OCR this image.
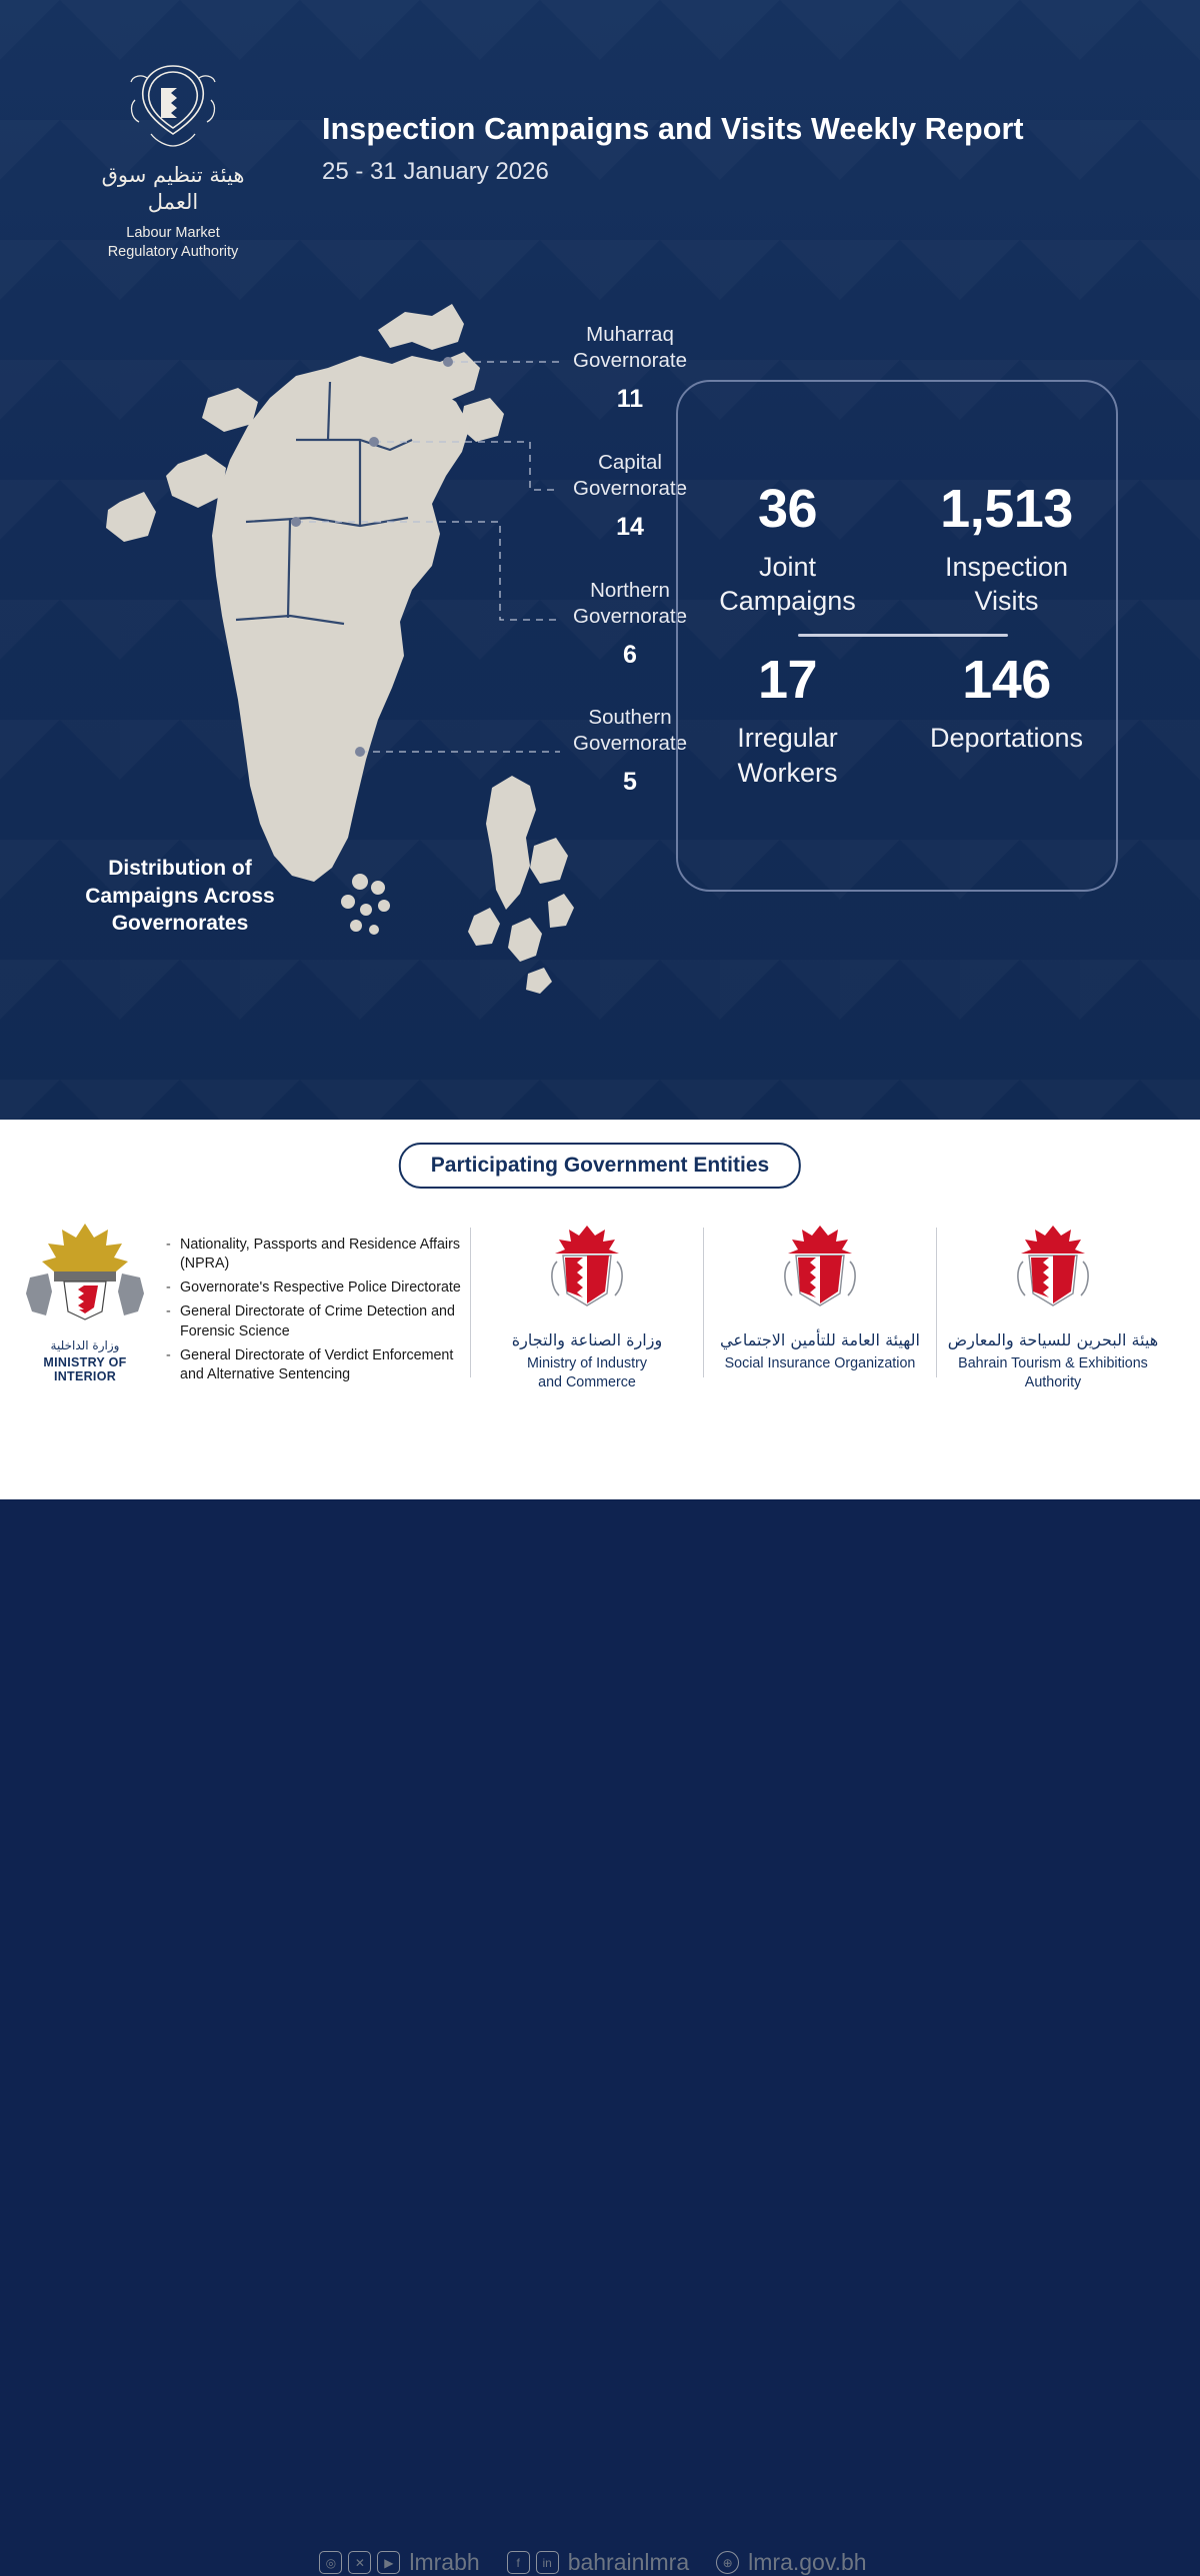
هيئة تنظيم سوق العمل
Labour Market
Regulatory Authority
Inspection Campaigns and Visits Weekly Report
25 - 31 January 2026
Muharraq
Governorate
11
Capital
Governorate
14
Northern
Governorate
6
Southern
Governorate
5
Distribution of
Campaigns Across
Governorates
36
Joint
Campaigns
1,513
Inspection
Visits
17
Irregular
Workers
146
Deportations
Participating Government Entities
وزارة الداخلية
MINISTRY OF INTERIOR
- Nationality, Passports and Residence Affairs (NPRA)
- Governorate's Respective Police Directorate
- General Directorate of Crime Detection and Forensic Science
- General Directorate of Verdict Enforcement and Alternative Sentencing
وزارة الصناعة والتجارة
Ministry of Industry
and Commerce
الهيئة العامة للتأمين الاجتماعي
Social Insurance Organization
هيئة البحرين للسياحة والمعارض
Bahrain Tourism & Exhibitions
Authority
◎	✕	▶ lmrabh	f	in bahrainlmra	⊕ lmra.gov.bh
